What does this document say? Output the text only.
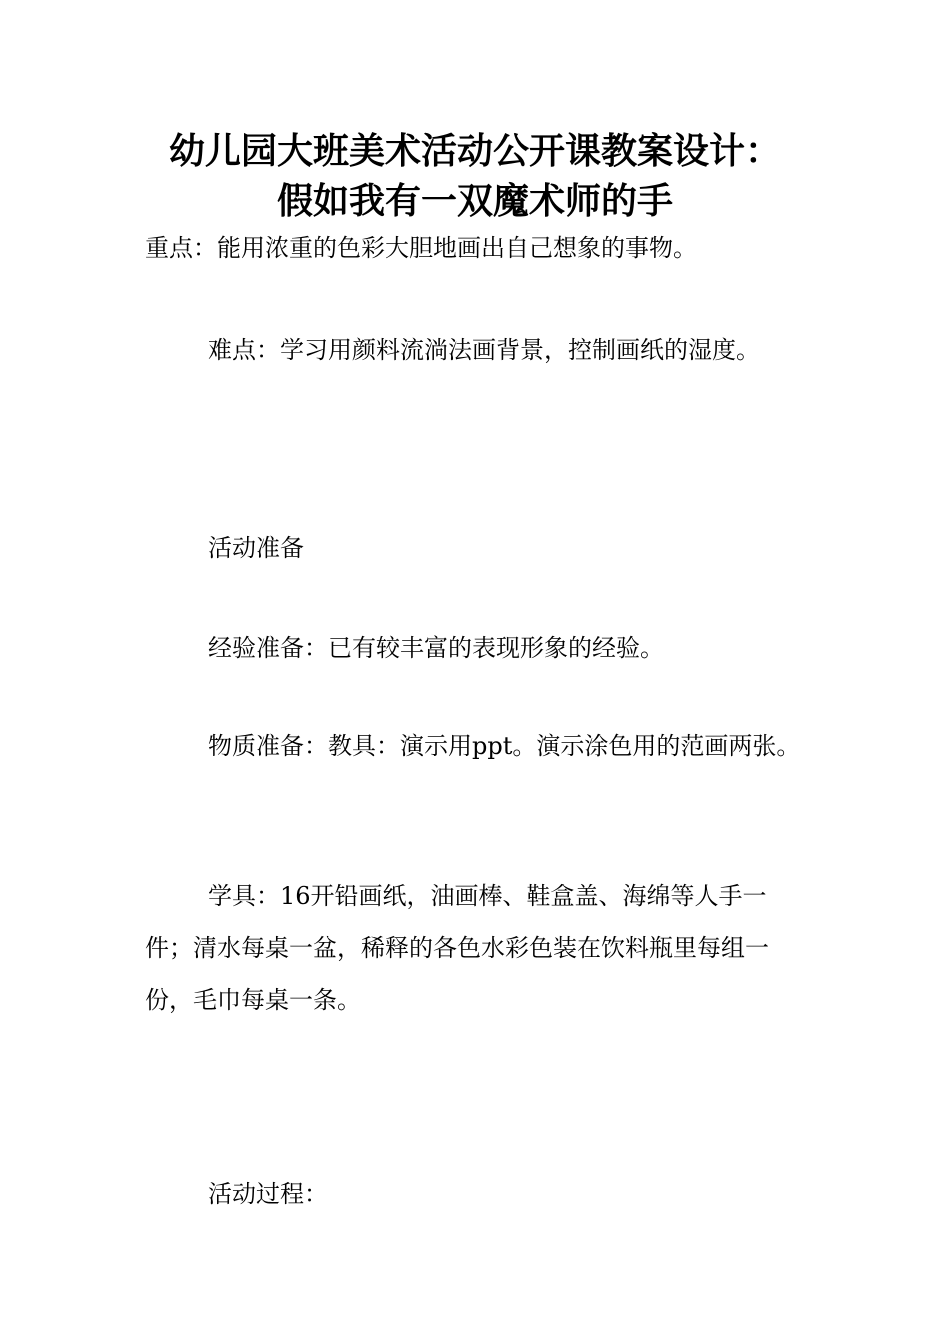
幼儿园大班美术活动公开课教案设计：
假如我有一双魔术师的手

重点：能用浓重的色彩大胆地画出自己想象的事物。

难点：学习用颜料流淌法画背景，控制画纸的湿度。

活动准备

经验准备：已有较丰富的表现形象的经验。

物质准备：教具：演示用ppt。演示涂色用的范画两张。

学具：16开铅画纸，油画棒、鞋盒盖、海绵等人手一件；清水每桌一盆，稀释的各色水彩色装在饮料瓶里每组一份，毛巾每桌一条。

活动过程：
